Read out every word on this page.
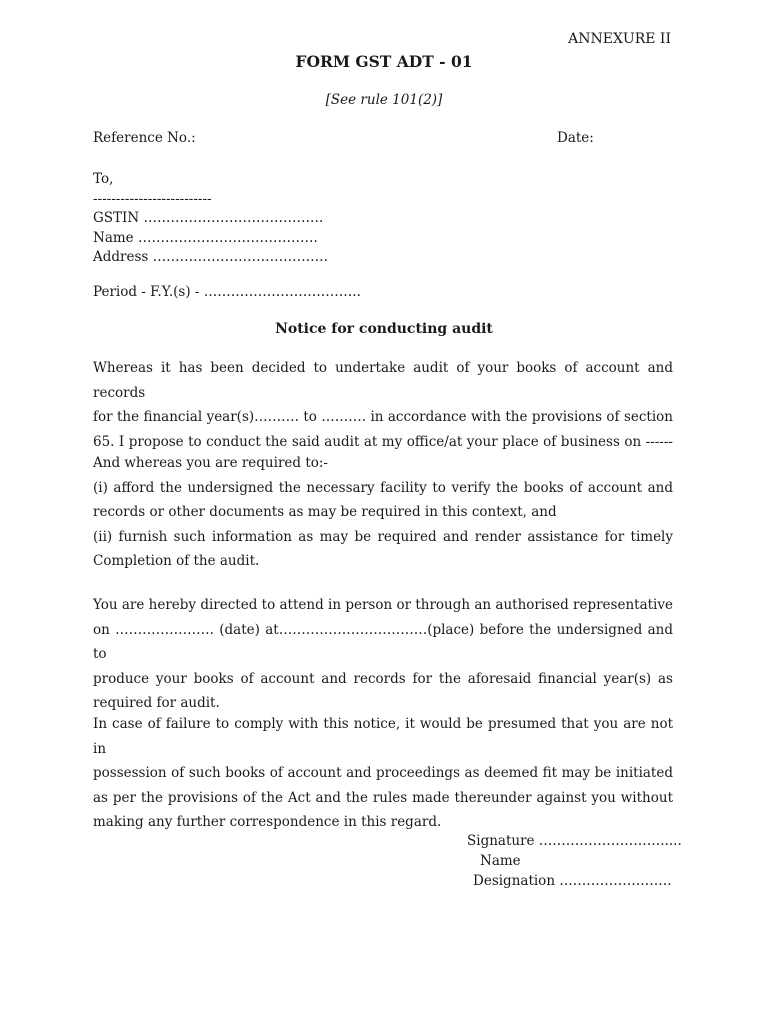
ANNEXURE II
FORM GST ADT - 01
[See rule 101(2)]
Reference No.:	Date:
To,
--------------------------
GSTIN ………………………………….
Name ………………………………….
Address …………………………………
Period - F.Y.(s) - ……………………………..
Notice for conducting audit

Whereas it has been decided to undertake audit of your books of account and records

for the financial year(s)………. to ………. in accordance with the provisions of section

65. I propose to conduct the said audit at my office/at your place of business on ------

And whereas you are required to:-

(i) afford the undersigned the necessary facility to verify the books of account and

records or other documents as may be required in this context, and

(ii) furnish such information as may be required and render assistance for timely

Completion of the audit.

You are hereby directed to attend in person or through an authorised representative

on …………………. (date) at……………………………(place) before the undersigned and to

produce your books of account and records for the aforesaid financial year(s) as

required for audit.

In case of failure to comply with this notice, it would be presumed that you are not in

possession of such books of account and proceedings as deemed fit may be initiated

as per the provisions of the Act and the rules made thereunder against you without

making any further correspondence in this regard.

Signature ……………………….....
Name
Designation …………………….
